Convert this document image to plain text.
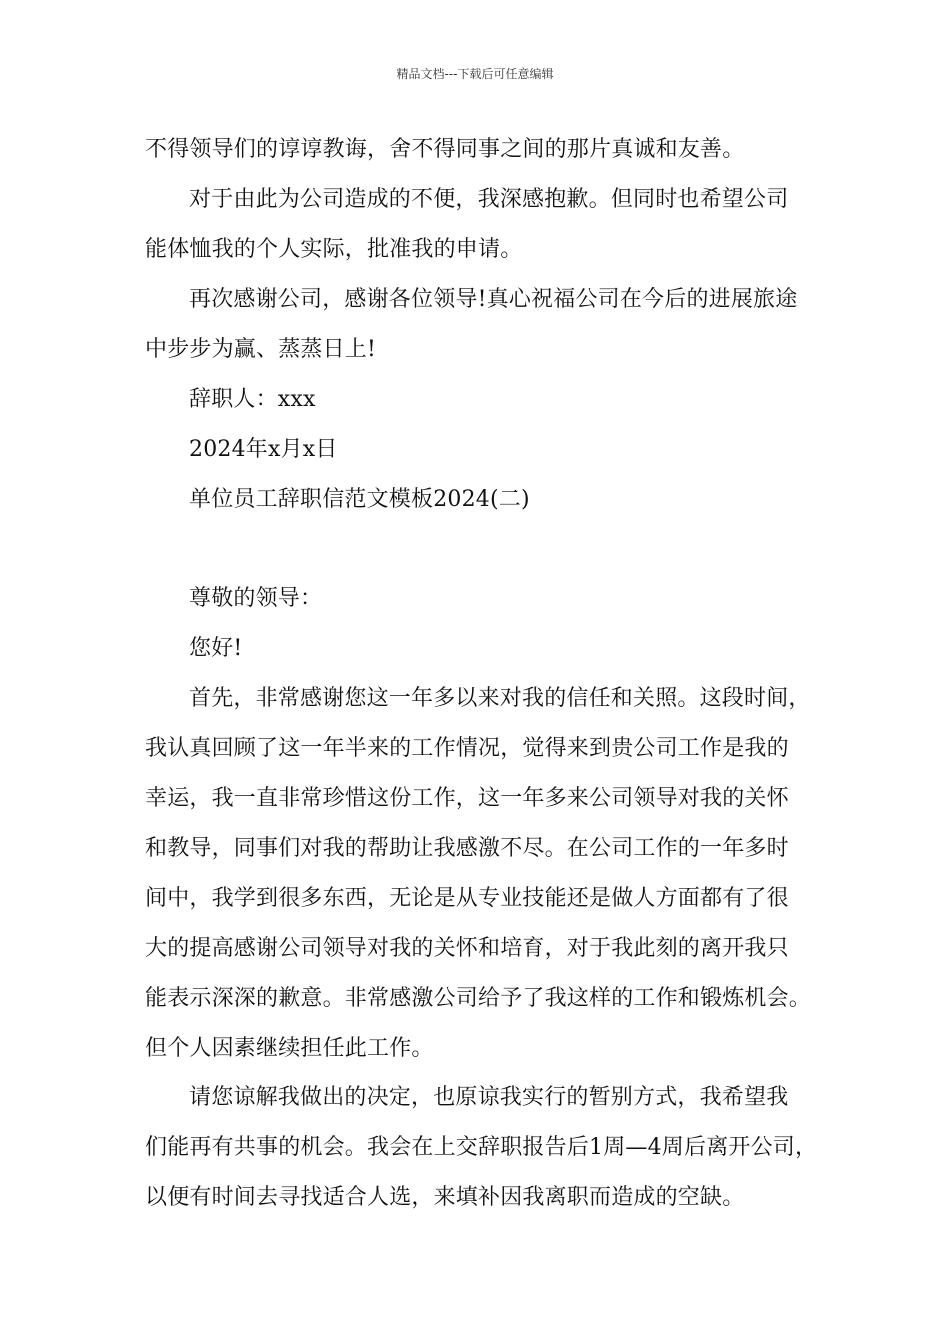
精品文档---下载后可任意编辑
不得领导们的谆谆教诲，舍不得同事之间的那片真诚和友善。
对于由此为公司造成的不便，我深感抱歉。但同时也希望公司
能体恤我的个人实际，批准我的申请。
再次感谢公司，感谢各位领导!真心祝福公司在今后的进展旅途
中步步为赢、蒸蒸日上!
辞职人：xxx
2024年x月x日
单位员工辞职信范文模板2024(二)
尊敬的领导：
您好!
首先，非常感谢您这一年多以来对我的信任和关照。这段时间，
我认真回顾了这一年半来的工作情况，觉得来到贵公司工作是我的
幸运，我一直非常珍惜这份工作，这一年多来公司领导对我的关怀
和教导，同事们对我的帮助让我感激不尽。在公司工作的一年多时
间中，我学到很多东西，无论是从专业技能还是做人方面都有了很
大的提高感谢公司领导对我的关怀和培育，对于我此刻的离开我只
能表示深深的歉意。非常感激公司给予了我这样的工作和锻炼机会。
但个人因素继续担任此工作。
请您谅解我做出的决定，也原谅我实行的暂别方式，我希望我
们能再有共事的机会。我会在上交辞职报告后1周—4周后离开公司，
以便有时间去寻找适合人选，来填补因我离职而造成的空缺。
